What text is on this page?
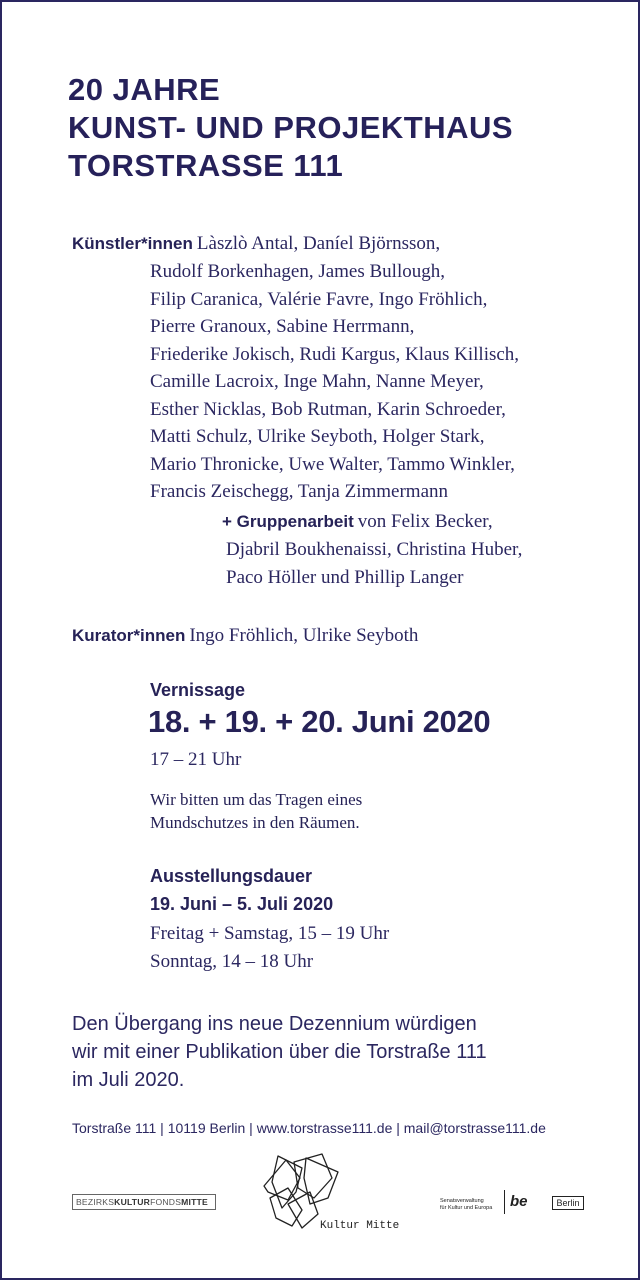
20 JAHRE
KUNST- UND PROJEKTHAUS
TORSTRASSE 111
Künstler*innen Làszlò Antal, Daníel Björnsson,
Rudolf Borkenhagen, James Bullough,
Filip Caranica, Valérie Favre, Ingo Fröhlich,
Pierre Granoux, Sabine Herrmann,
Friederike Jokisch, Rudi Kargus, Klaus Killisch,
Camille Lacroix, Inge Mahn, Nanne Meyer,
Esther Nicklas, Bob Rutman, Karin Schroeder,
Matti Schulz, Ulrike Seyboth, Holger Stark,
Mario Thronicke, Uwe Walter, Tammo Winkler,
Francis Zeischegg, Tanja Zimmermann
+ Gruppenarbeit von Felix Becker,
Djabril Boukhenaissi, Christina Huber,
Paco Höller und Phillip Langer
Kurator*innen Ingo Fröhlich, Ulrike Seyboth
Vernissage
18. + 19. + 20. Juni 2020
17 – 21 Uhr
Wir bitten um das Tragen eines
Mundschutzes in den Räumen.
Ausstellungsdauer
19. Juni – 5. Juli 2020
Freitag + Samstag, 15 – 19 Uhr
Sonntag, 14 – 18 Uhr
Den Übergang ins neue Dezennium würdigen
wir mit einer Publikation über die Torstraße 111
im Juli 2020.
Torstraße 111 | 10119 Berlin | www.torstrasse111.de | mail@torstrasse111.de
BEZIRKSKULTURFONDSMITTE
Kultur Mitte
Senatsverwaltung
für Kultur und Europa be	Berlin
